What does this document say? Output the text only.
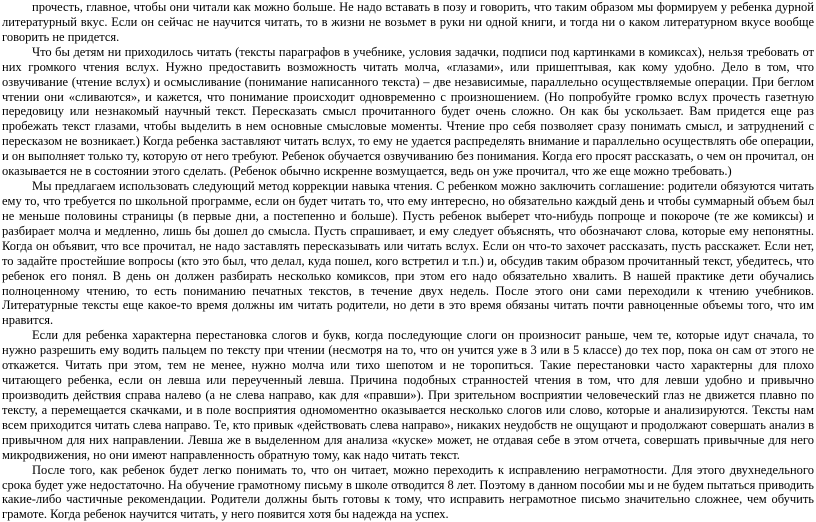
прочесть, главное, чтобы они читали как можно больше. Не надо вставать в позу и говорить, что таким образом мы формируем у ребенка дурной литературный вкус. Если он сейчас не научится читать, то в жизни не возьмет в руки ни одной книги, и тогда ни о каком литературном вкусе вообще говорить не придется.

Что бы детям ни приходилось читать (тексты параграфов в учебнике, условия задачки, подписи под картинками в комиксах), нельзя требовать от них громкого чтения вслух. Нужно предоставить возможность читать молча, «глазами», или пришептывая, как кому удобно. Дело в том, что озвучивание (чтение вслух) и осмысливание (понимание написанного текста) – две независимые, параллельно осуществляемые операции. При беглом чтении они «сливаются», и кажется, что понимание происходит одновременно с произношением. (Но попробуйте громко вслух прочесть газетную передовицу или незнакомый научный текст. Пересказать смысл прочитанного будет очень сложно. Он как бы ускользает. Вам придется еще раз пробежать текст глазами, чтобы выделить в нем основные смысловые моменты. Чтение про себя позволяет сразу понимать смысл, и затруднений с пересказом не возникает.) Когда ребенка заставляют читать вслух, то ему не удается распределять внимание и параллельно осуществлять обе операции, и он выполняет только ту, которую от него требуют. Ребенок обучается озвучиванию без понимания. Когда его просят рассказать, о чем он прочитал, он оказывается не в состоянии этого сделать. (Ребенок обычно искренне возмущается, ведь он уже прочитал, что же еще можно требовать.)

Мы предлагаем использовать следующий метод коррекции навыка чтения. С ребенком можно заключить соглашение: родители обязуются читать ему то, что требуется по школьной программе, если он будет читать то, что ему интересно, но обязательно каждый день и чтобы суммарный объем был не меньше половины страницы (в первые дни, а постепенно и больше). Пусть ребенок выберет что-нибудь попроще и покороче (те же комиксы) и разбирает молча и медленно, лишь бы дошел до смысла. Пусть спрашивает, и ему следует объяснять, что обозначают слова, которые ему непонятны. Когда он объявит, что все прочитал, не надо заставлять пересказывать или читать вслух. Если он что-то захочет рассказать, пусть расскажет. Если нет, то задайте простейшие вопросы (кто это был, что делал, куда пошел, кого встретил и т.п.) и, обсудив таким образом прочитанный текст, убедитесь, что ребенок его понял. В день он должен разбирать несколько комиксов, при этом его надо обязательно хвалить. В нашей практике дети обучались полноценному чтению, то есть пониманию печатных текстов, в течение двух недель. После этого они сами переходили к чтению учебников. Литературные тексты еще какое-то время должны им читать родители, но дети в это время обязаны читать почти равноценные объемы того, что им нравится.

Если для ребенка характерна перестановка слогов и букв, когда последующие слоги он произносит раньше, чем те, которые идут сначала, то нужно разрешить ему водить пальцем по тексту при чтении (несмотря на то, что он учится уже в 3 или в 5 классе) до тех пор, пока он сам от этого не откажется. Читать при этом, тем не менее, нужно молча или тихо шепотом и не торопиться. Такие перестановки часто характерны для плохо читающего ребенка, если он левша или переученный левша. Причина подобных странностей чтения в том, что для левши удобно и привычно производить действия справа налево (а не слева направо, как для «правши»). При зрительном восприятии человеческий глаз не движется плавно по тексту, а перемещается скачками, и в поле восприятия одномоментно оказывается несколько слогов или слово, которые и анализируются. Тексты нам всем приходится читать слева направо. Те, кто привык «действовать слева направо», никаких неудобств не ощущают и продолжают совершать анализ в привычном для них направлении. Левша же в выделенном для анализа «куске» может, не отдавая себе в этом отчета, совершать привычные для него микродвижения, но они имеют направленность обратную тому, как надо читать текст.

После того, как ребенок будет легко понимать то, что он читает, можно переходить к исправлению неграмотности. Для этого двухнедельного срока будет уже недостаточно. На обучение грамотному письму в школе отводится 8 лет. Поэтому в данном пособии мы и не будем пытаться приводить какие-либо частичные рекомендации. Родители должны быть готовы к тому, что исправить неграмотное письмо значительно сложнее, чем обучить грамоте. Когда ребенок научится читать, у него появится хотя бы надежда на успех.
